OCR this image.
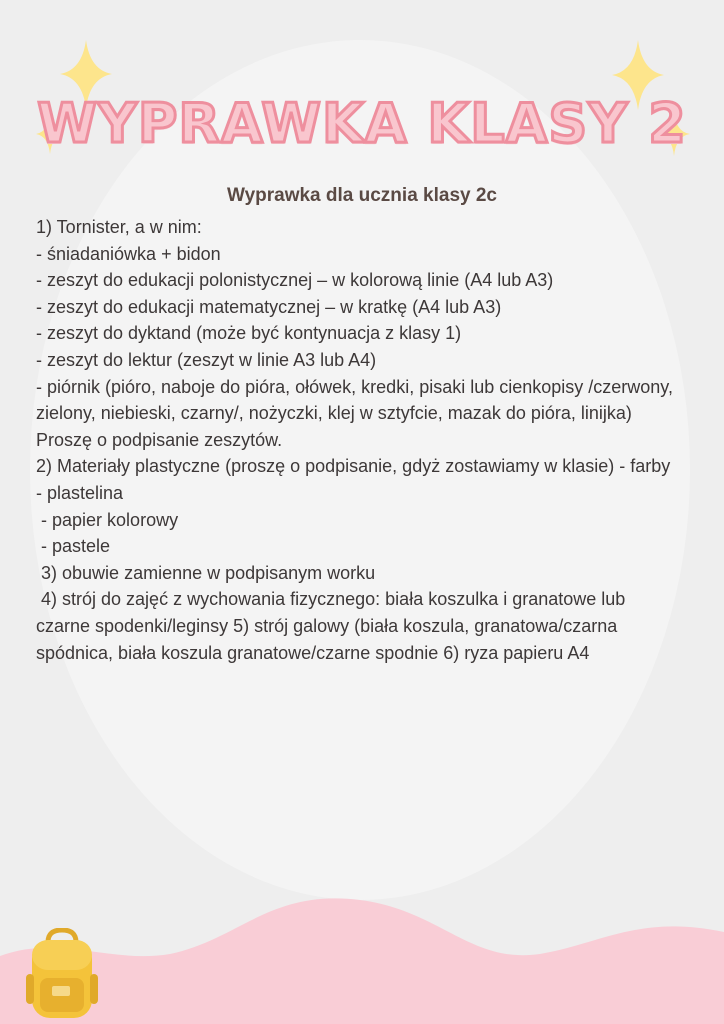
WYPRAWKA KLASY 2
Wyprawka dla ucznia klasy 2c
1) Tornister, a w nim:
- śniadaniówka + bidon
- zeszyt do edukacji polonistycznej – w kolorową linie (A4 lub A3)
- zeszyt do edukacji matematycznej – w kratkę (A4 lub A3)
- zeszyt do dyktand (może być kontynuacja z klasy 1)
- zeszyt do lektur (zeszyt w linie A3 lub A4)
- piórnik (pióro, naboje do pióra, ołówek, kredki, pisaki lub cienkopisy /czerwony, zielony, niebieski, czarny/, nożyczki, klej w sztyfcie, mazak do pióra, linijka)
Proszę o podpisanie zeszytów.
2) Materiały plastyczne (proszę o podpisanie, gdyż zostawiamy w klasie) - farby
- plastelina
- papier kolorowy
- pastele
3) obuwie zamienne w podpisanym worku
4) strój do zajęć z wychowania fizycznego: biała koszulka i granatowe lub czarne spodenki/leginsy 5) strój galowy (biała koszula, granatowa/czarna spódnica, biała koszula granatowe/czarne spodnie 6) ryza papieru A4
